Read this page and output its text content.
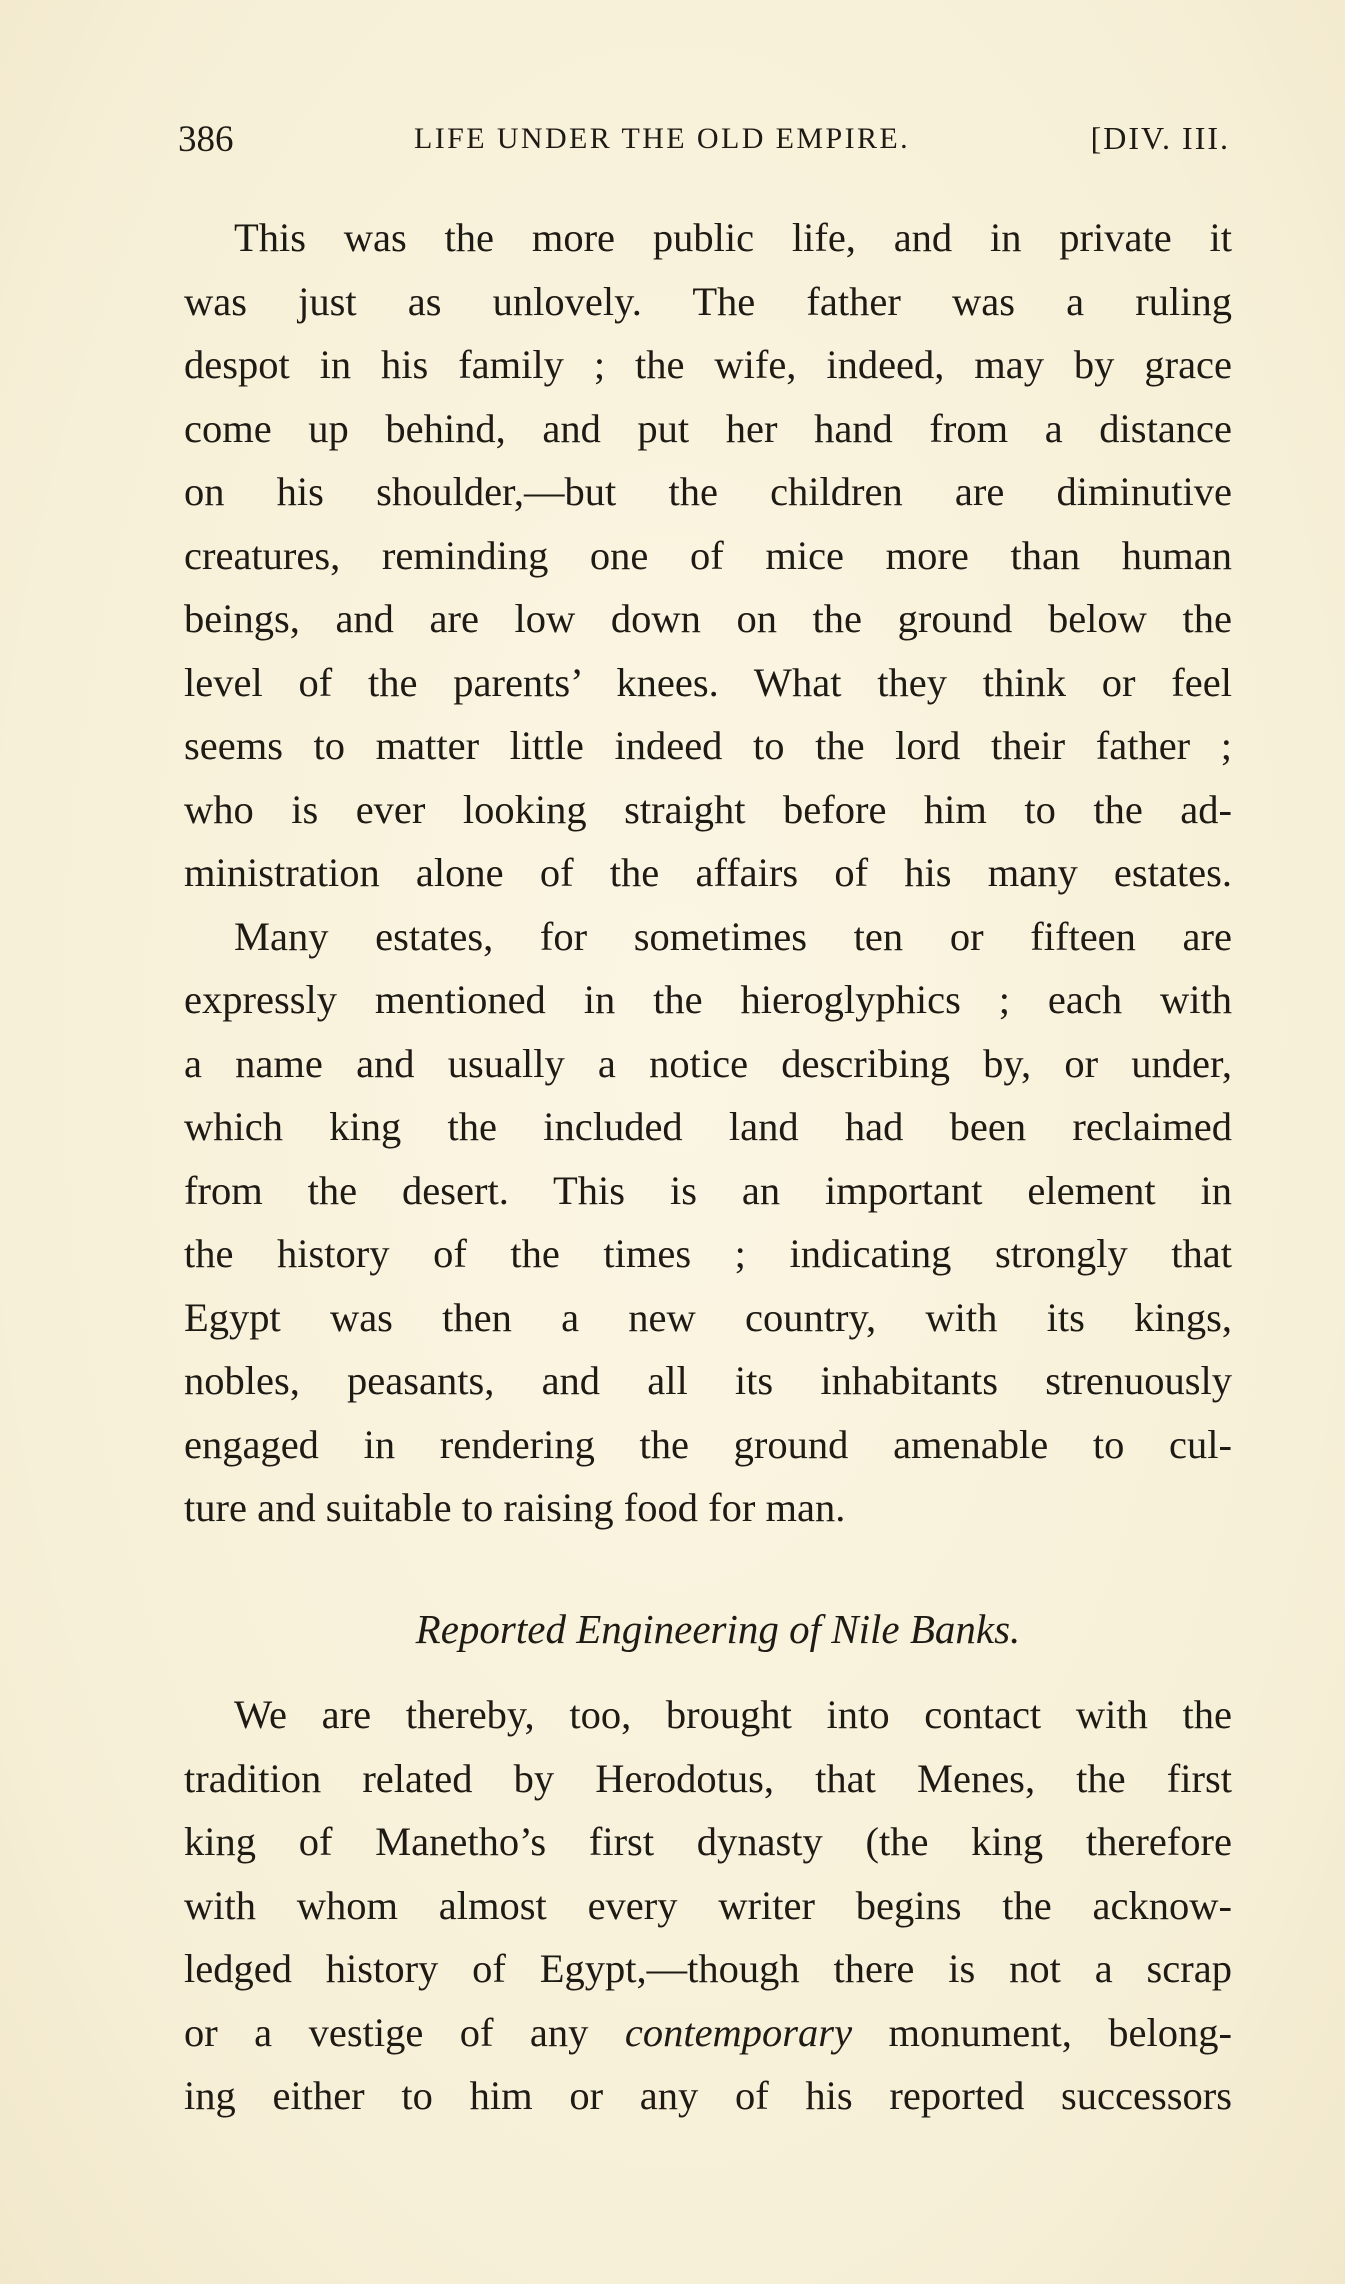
386	LIFE UNDER THE OLD EMPIRE.	[DIV. III.
This was the more public life, and in private it
was just as unlovely. The father was a ruling
despot in his family ; the wife, indeed, may by grace
come up behind, and put her hand from a distance
on his shoulder,—but the children are diminutive
creatures, reminding one of mice more than human
beings, and are low down on the ground below the
level of the parents’ knees. What they think or feel
seems to matter little indeed to the lord their father ;
who is ever looking straight before him to the ad-
ministration alone of the affairs of his many estates.
Many estates, for sometimes ten or fifteen are
expressly mentioned in the hieroglyphics ; each with
a name and usually a notice describing by, or under,
which king the included land had been reclaimed
from the desert. This is an important element in
the history of the times ; indicating strongly that
Egypt was then a new country, with its kings,
nobles, peasants, and all its inhabitants strenuously
engaged in rendering the ground amenable to cul-
ture and suitable to raising food for man.
Reported Engineering of Nile Banks.
We are thereby, too, brought into contact with the
tradition related by Herodotus, that Menes, the first
king of Manetho’s first dynasty (the king therefore
with whom almost every writer begins the acknow-
ledged history of Egypt,—though there is not a scrap
or a vestige of any contemporary monument, belong-
ing either to him or any of his reported successors
